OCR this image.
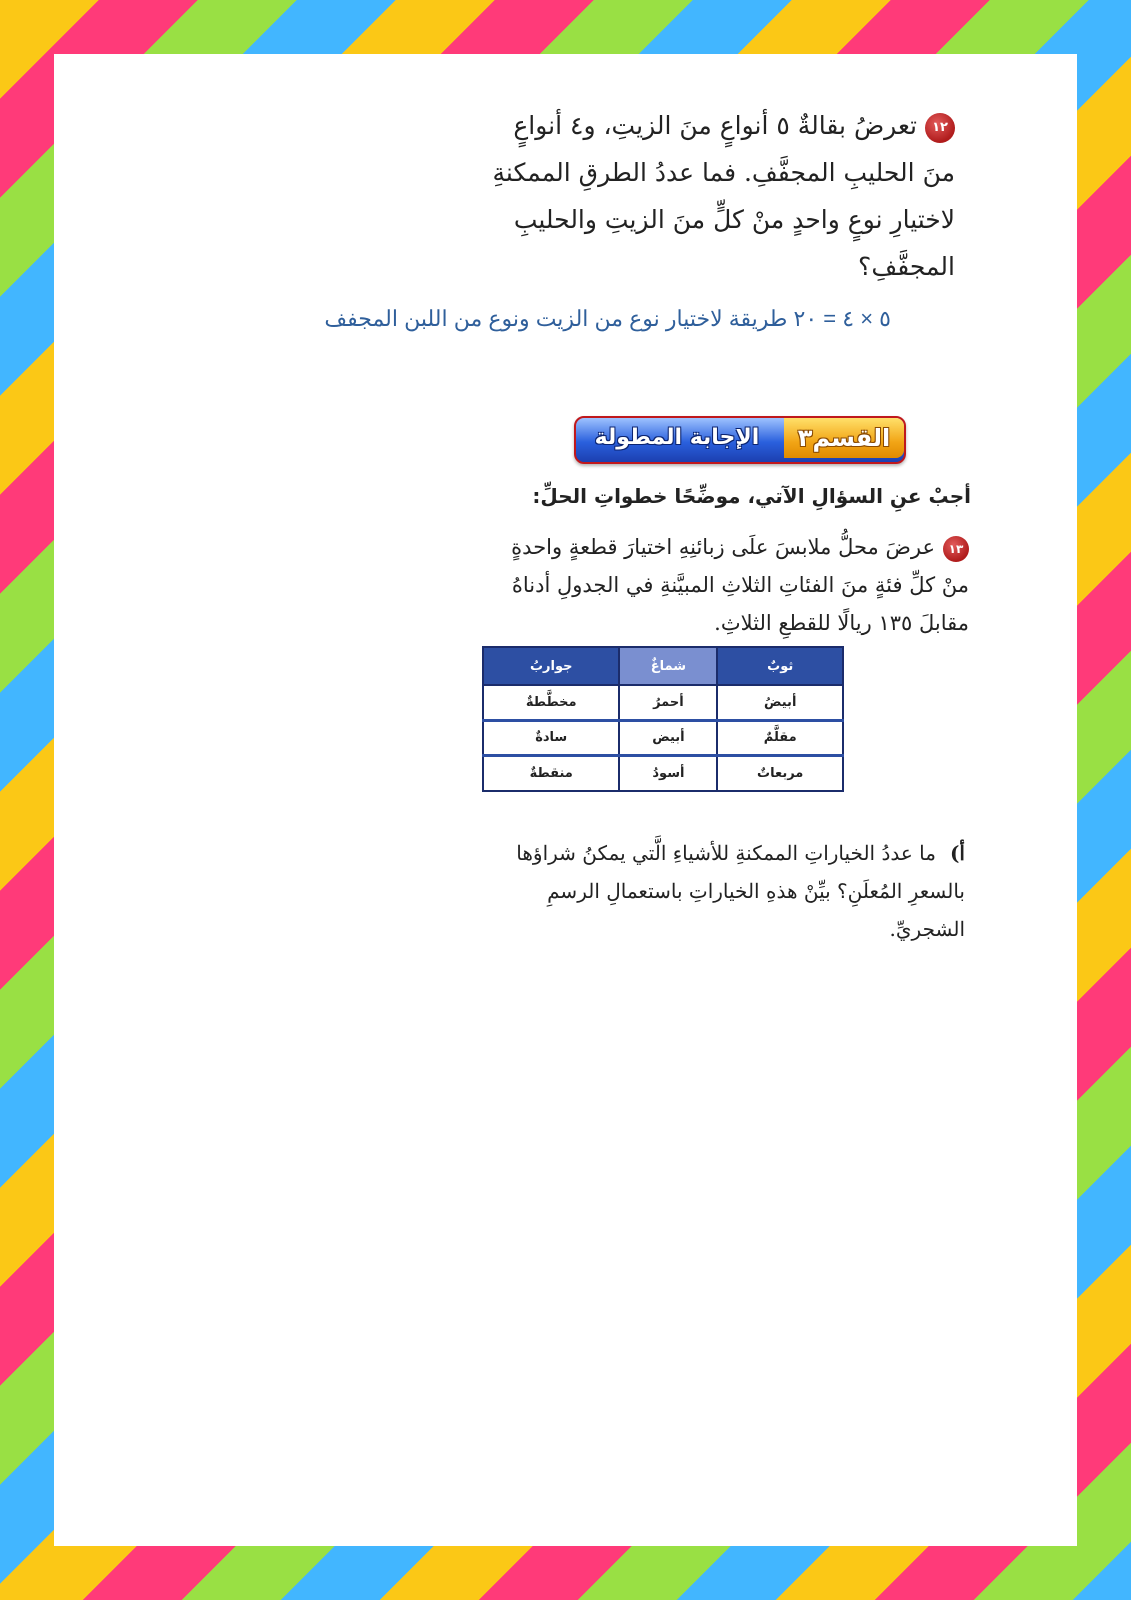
١٢تعرضُ بقالةٌ ٥ أنواعٍ منَ الزيتِ، و٤ أنواعٍ منَ الحليبِ المجفَّفِ. فما عددُ الطرقِ الممكنةِ لاختيارِ نوعٍ واحدٍ منْ كلٍّ منَ الزيتِ والحليبِ المجفَّفِ؟
٥ × ٤ = ٢٠ طريقة لاختيار نوع من الزيت ونوع من اللبن المجفف
القسم٣
الإجابة المطولة
أجبْ عنِ السؤالِ الآتي، موضِّحًا خطواتِ الحلِّ:
١٣عرضَ محلُّ ملابسَ علَى زبائنِهِ اختيارَ قطعةٍ واحدةٍ منْ كلِّ فئةٍ منَ الفئاتِ الثلاثِ المبيَّنةِ في الجدولِ أدناهُ مقابلَ ١٣٥ ريالًا للقطعِ الثلاثِ.
ثوبٌ	شماغٌ	جواربُ
أبيضُ	أحمرُ	مخطَّطةٌ
مقلَّمٌ	أبيض	سادةٌ
مربعاتٌ	أسودُ	منقطةٌ
أ)ما عددُ الخياراتِ الممكنةِ للأشياءِ الَّتي يمكنُ شراؤها بالسعرِ المُعلَنِ؟ بيِّنْ هذهِ الخياراتِ باستعمالِ الرسمِ الشجريِّ.
